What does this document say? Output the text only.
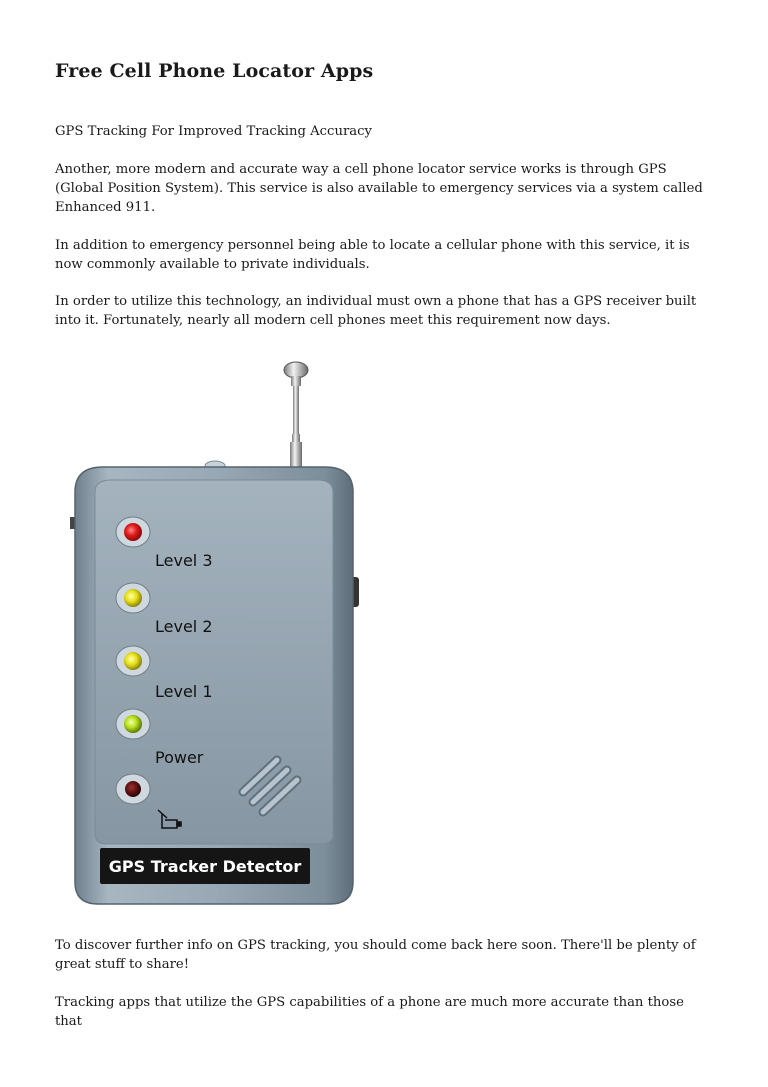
Free Cell Phone Locator Apps

GPS Tracking For Improved Tracking Accuracy

Another, more modern and accurate way a cell phone locator service works is through GPS (Global Position System). This service is also available to emergency services via a system called Enhanced 911.

In addition to emergency personnel being able to locate a cellular phone with this service, it is now commonly available to private individuals.

In order to utilize this technology, an individual must own a phone that has a GPS receiver built into it. Fortunately, nearly all modern cell phones meet this requirement now days.

Level 3
Level 2
Level 1
Power
GPS Tracker Detector

To discover further info on GPS tracking, you should come back here soon. There'll be plenty of great stuff to share!

Tracking apps that utilize the GPS capabilities of a phone are much more accurate than those that
